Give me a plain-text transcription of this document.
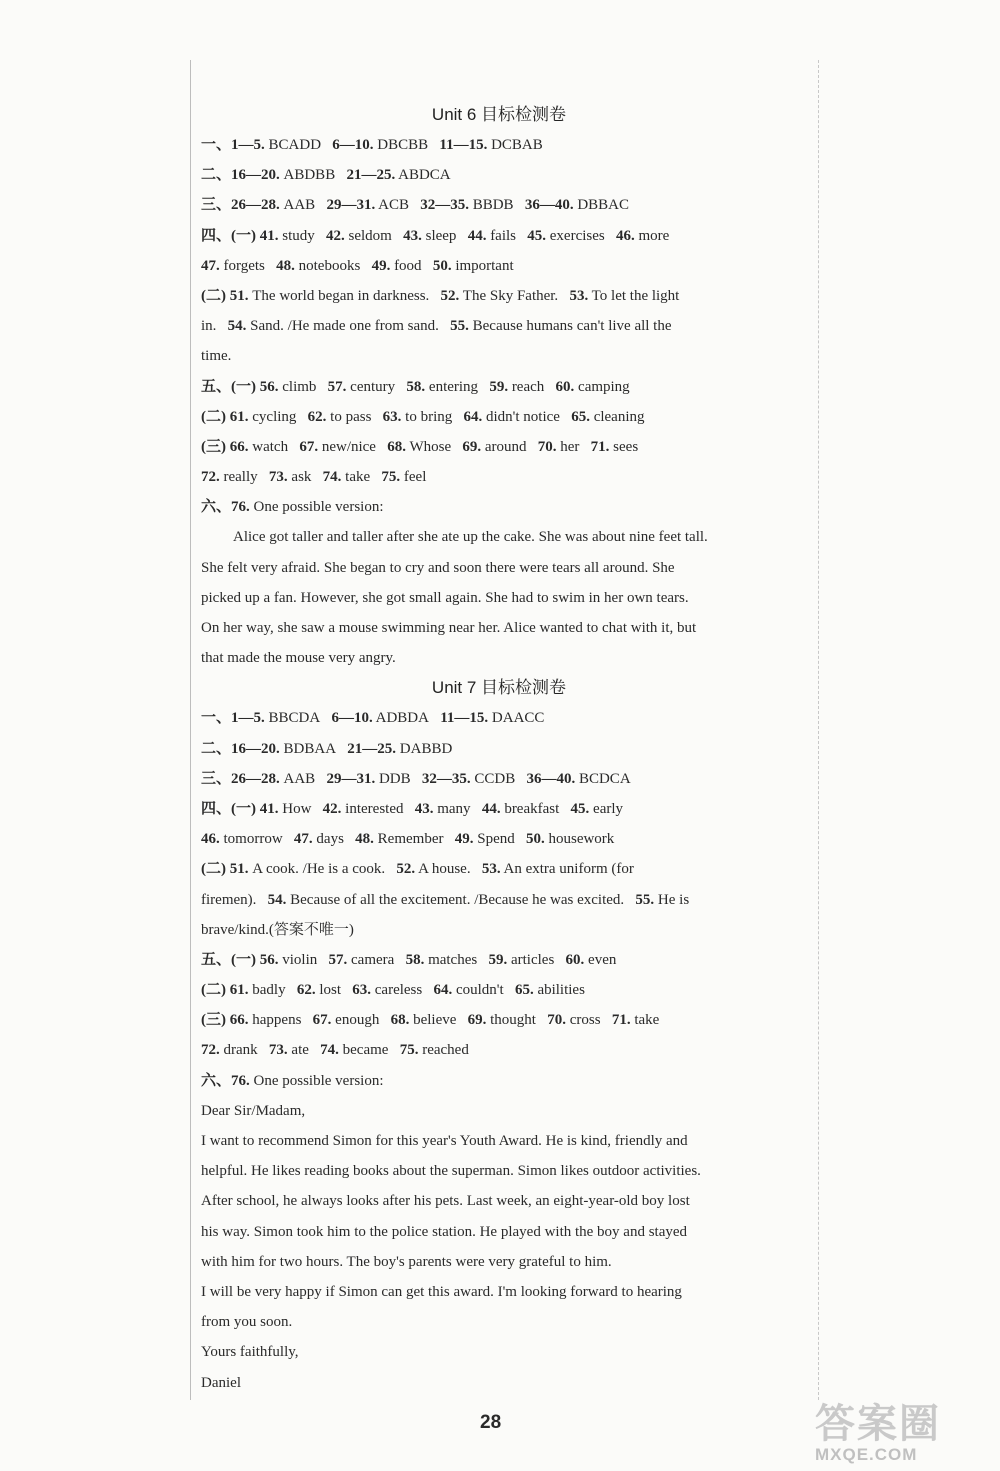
Unit 6 目标检测卷
一、1—5. BCADD   6—10. DBCBB   11—15. DCBAB
二、16—20. ABDBB   21—25. ABDCA
三、26—28. AAB   29—31. ACB   32—35. BBDB   36—40. DBBAC
四、(一) 41. study   42. seldom   43. sleep   44. fails   45. exercises   46. more
47. forgets   48. notebooks   49. food   50. important
(二) 51. The world began in darkness.   52. The Sky Father.   53. To let the light
in.   54. Sand. /He made one from sand.   55. Because humans can't live all the
time.
五、(一) 56. climb   57. century   58. entering   59. reach   60. camping
(二) 61. cycling   62. to pass   63. to bring   64. didn't notice   65. cleaning
(三) 66. watch   67. new/nice   68. Whose   69. around   70. her   71. sees
72. really   73. ask   74. take   75. feel
六、76. One possible version:
Alice got taller and taller after she ate up the cake. She was about nine feet tall.
She felt very afraid. She began to cry and soon there were tears all around. She
picked up a fan. However, she got small again. She had to swim in her own tears.
On her way, she saw a mouse swimming near her. Alice wanted to chat with it, but
that made the mouse very angry.
Unit 7 目标检测卷
一、1—5. BBCDA   6—10. ADBDA   11—15. DAACC
二、16—20. BDBAA   21—25. DABBD
三、26—28. AAB   29—31. DDB   32—35. CCDB   36—40. BCDCA
四、(一) 41. How   42. interested   43. many   44. breakfast   45. early
46. tomorrow   47. days   48. Remember   49. Spend   50. housework
(二) 51. A cook. /He is a cook.   52. A house.   53. An extra uniform (for
firemen).   54. Because of all the excitement. /Because he was excited.   55. He is
brave/kind.(答案不唯一)
五、(一) 56. violin   57. camera   58. matches   59. articles   60. even
(二) 61. badly   62. lost   63. careless   64. couldn't   65. abilities
(三) 66. happens   67. enough   68. believe   69. thought   70. cross   71. take
72. drank   73. ate   74. became   75. reached
六、76. One possible version:
Dear Sir/Madam,
I want to recommend Simon for this year's Youth Award. He is kind, friendly and
helpful. He likes reading books about the superman. Simon likes outdoor activities.
After school, he always looks after his pets. Last week, an eight-year-old boy lost
his way. Simon took him to the police station. He played with the boy and stayed
with him for two hours. The boy's parents were very grateful to him.
I will be very happy if Simon can get this award. I'm looking forward to hearing
from you soon.
Yours faithfully,
Daniel
28	答案圈
MXQE.COM
